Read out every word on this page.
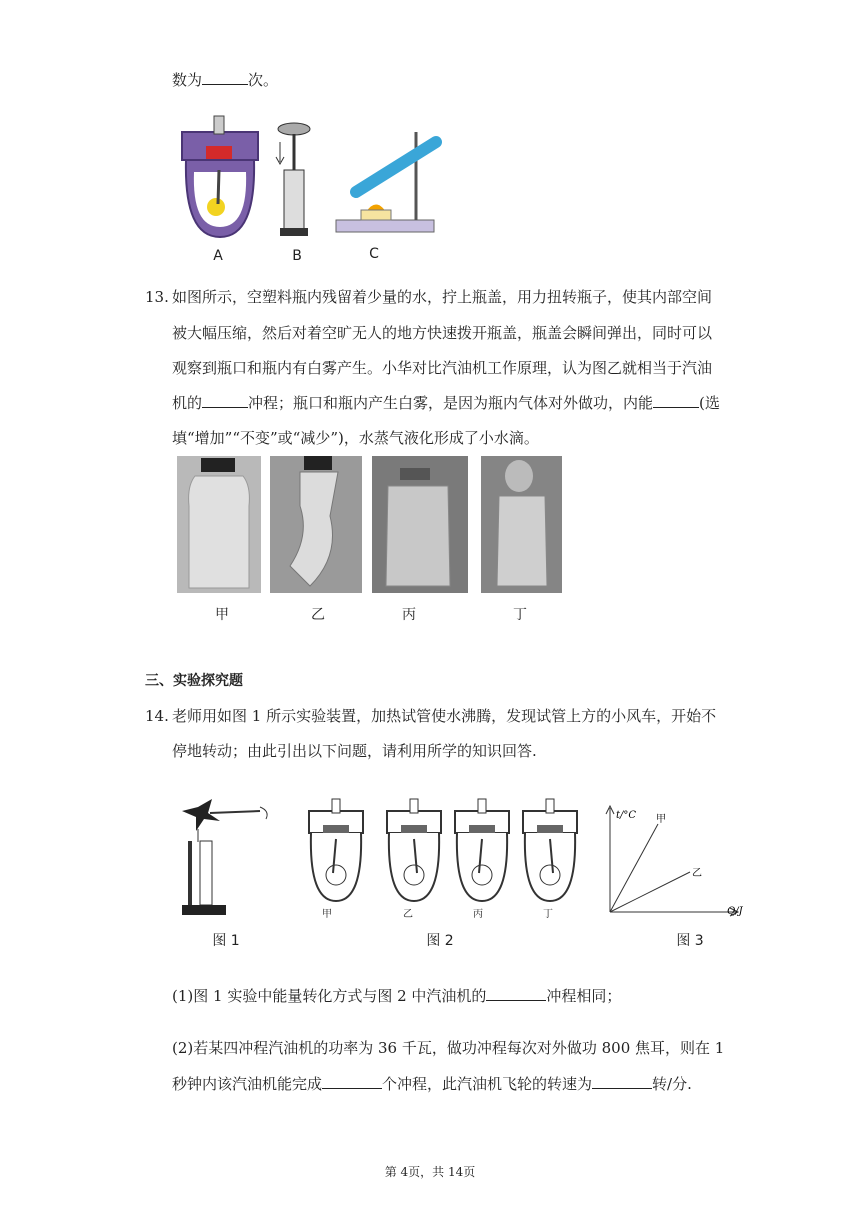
数为	次。
A	B	C
13. 如图所示，空塑料瓶内残留着少量的水，拧上瓶盖，用力扭转瓶子，使其内部空间
被大幅压缩，然后对着空旷无人的地方快速拨开瓶盖，瓶盖会瞬间弹出，同时可以
观察到瓶口和瓶内有白雾产生。小华对比汽油机工作原理，认为图乙就相当于汽油
机的	冲程；瓶口和瓶内产生白雾，是因为瓶内气体对外做功，内能	(选
填“增加”“不变”或“减少”)，水蒸气液化形成了小水滴。
甲	乙	丙	丁
三、实验探究题
14. 老师用如图 1 所示实验装置，加热试管使水沸腾，发现试管上方的小风车，开始不
停地转动；由此引出以下问题，请利用所学的知识回答.
甲	乙	丙	丁
t/°C
Q/J
甲
乙
图 1	图 2	图 3
(1)图 1 实验中能量转化方式与图 2 中汽油机的	冲程相同；
(2)若某四冲程汽油机的功率为 36 千瓦，做功冲程每次对外做功 800 焦耳，则在 1
秒钟内该汽油机能完成	个冲程，此汽油机飞轮的转速为	转/分.
第 4页，共 14页
